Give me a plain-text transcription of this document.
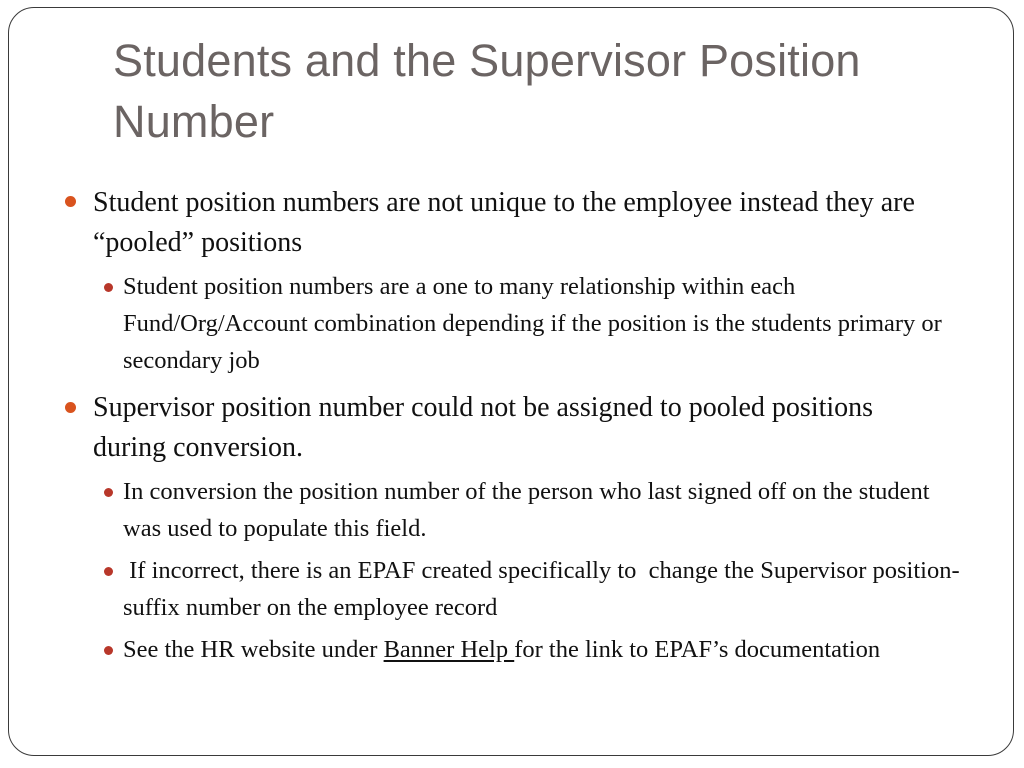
Students and the Supervisor Position Number
Student position numbers are not unique to the employee instead they are “pooled” positions
Student position numbers are a one to many relationship within each Fund/Org/Account combination depending if the position is the students primary or secondary job
Supervisor position number could not be assigned to pooled positions during conversion.
In conversion the position number of the person who last signed off on the student was used to populate this field.
If incorrect, there is an EPAF created specifically to  change the Supervisor position-suffix number on the employee record
See the HR website under Banner Help for the link to EPAF’s documentation
